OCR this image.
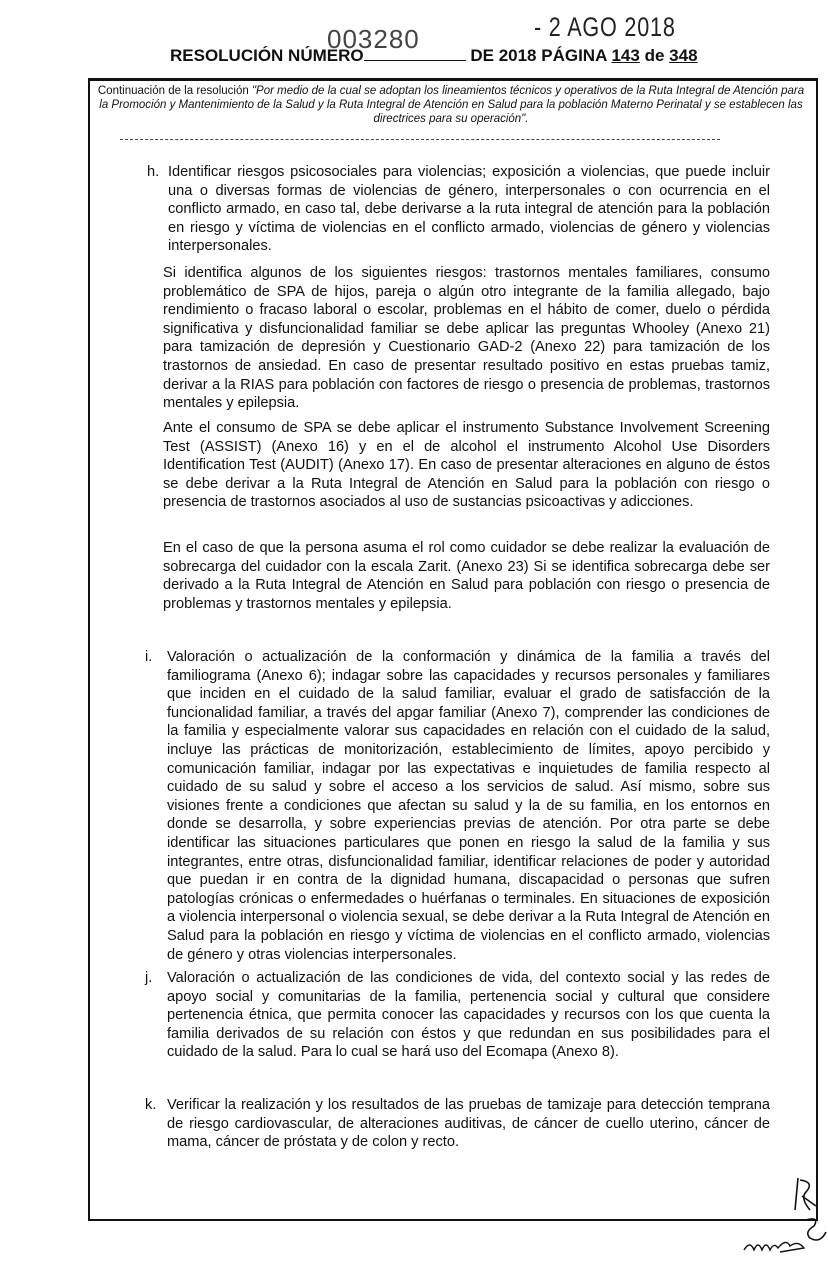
- 2 AGO 2018
003280
RESOLUCIÓN NÚMERO	DE 2018 PÁGINA 143 de 348
Continuación de la resolución "Por medio de la cual se adoptan los lineamientos técnicos y operativos de la Ruta Integral de Atención para la Promoción y Mantenimiento de la Salud y la Ruta Integral de Atención en Salud para la población Materno Perinatal y se establecen las directrices para su operación".
h. Identificar riesgos psicosociales para violencias; exposición a violencias, que puede incluir una o diversas formas de violencias de género, interpersonales o con ocurrencia en el conflicto armado, en caso tal, debe derivarse a la ruta integral de atención para la población en riesgo y víctima de violencias en el conflicto armado, violencias de género y violencias interpersonales.
Si identifica algunos de los siguientes riesgos: trastornos mentales familiares, consumo problemático de SPA de hijos, pareja o algún otro integrante de la familia allegado, bajo rendimiento o fracaso laboral o escolar, problemas en el hábito de comer, duelo o pérdida significativa y disfuncionalidad familiar se debe aplicar las preguntas Whooley (Anexo 21) para tamización de depresión y Cuestionario GAD-2 (Anexo 22) para tamización de los trastornos de ansiedad. En caso de presentar resultado positivo en estas pruebas tamiz, derivar a la RIAS para población con factores de riesgo o presencia de problemas, trastornos mentales y epilepsia.
Ante el consumo de SPA se debe aplicar el instrumento Substance Involvement Screening Test (ASSIST) (Anexo 16) y en el de alcohol el instrumento Alcohol Use Disorders Identification Test (AUDIT) (Anexo 17). En caso de presentar alteraciones en alguno de éstos se debe derivar a la Ruta Integral de Atención en Salud para la población con riesgo o presencia de trastornos asociados al uso de sustancias psicoactivas y adicciones.
En el caso de que la persona asuma el rol como cuidador se debe realizar la evaluación de sobrecarga del cuidador con la escala Zarit. (Anexo 23) Si se identifica sobrecarga debe ser derivado a la Ruta Integral de Atención en Salud para población con riesgo o presencia de problemas y trastornos mentales y epilepsia.
i. Valoración o actualización de la conformación y dinámica de la familia a través del familiograma (Anexo 6); indagar sobre las capacidades y recursos personales y familiares que inciden en el cuidado de la salud familiar, evaluar el grado de satisfacción de la funcionalidad familiar, a través del apgar familiar (Anexo 7), comprender las condiciones de la familia y especialmente valorar sus capacidades en relación con el cuidado de la salud, incluye las prácticas de monitorización, establecimiento de límites, apoyo percibido y comunicación familiar, indagar por las expectativas e inquietudes de familia respecto al cuidado de su salud y sobre el acceso a los servicios de salud. Así mismo, sobre sus visiones frente a condiciones que afectan su salud y la de su familia, en los entornos en donde se desarrolla, y sobre experiencias previas de atención. Por otra parte se debe identificar las situaciones particulares que ponen en riesgo la salud de la familia y sus integrantes, entre otras, disfuncionalidad familiar, identificar relaciones de poder y autoridad que puedan ir en contra de la dignidad humana, discapacidad o personas que sufren patologías crónicas o enfermedades o huérfanas o terminales. En situaciones de exposición a violencia interpersonal o violencia sexual, se debe derivar a la Ruta Integral de Atención en Salud para la población en riesgo y víctima de violencias en el conflicto armado, violencias de género y otras violencias interpersonales.
j. Valoración o actualización de las condiciones de vida, del contexto social y las redes de apoyo social y comunitarias de la familia, pertenencia social y cultural que considere pertenencia étnica, que permita conocer las capacidades y recursos con los que cuenta la familia derivados de su relación con éstos y que redundan en sus posibilidades para el cuidado de la salud. Para lo cual se hará uso del Ecomapa (Anexo 8).
k. Verificar la realización y los resultados de las pruebas de tamizaje para detección temprana de riesgo cardiovascular, de alteraciones auditivas, de cáncer de cuello uterino, cáncer de mama, cáncer de próstata y de colon y recto.
